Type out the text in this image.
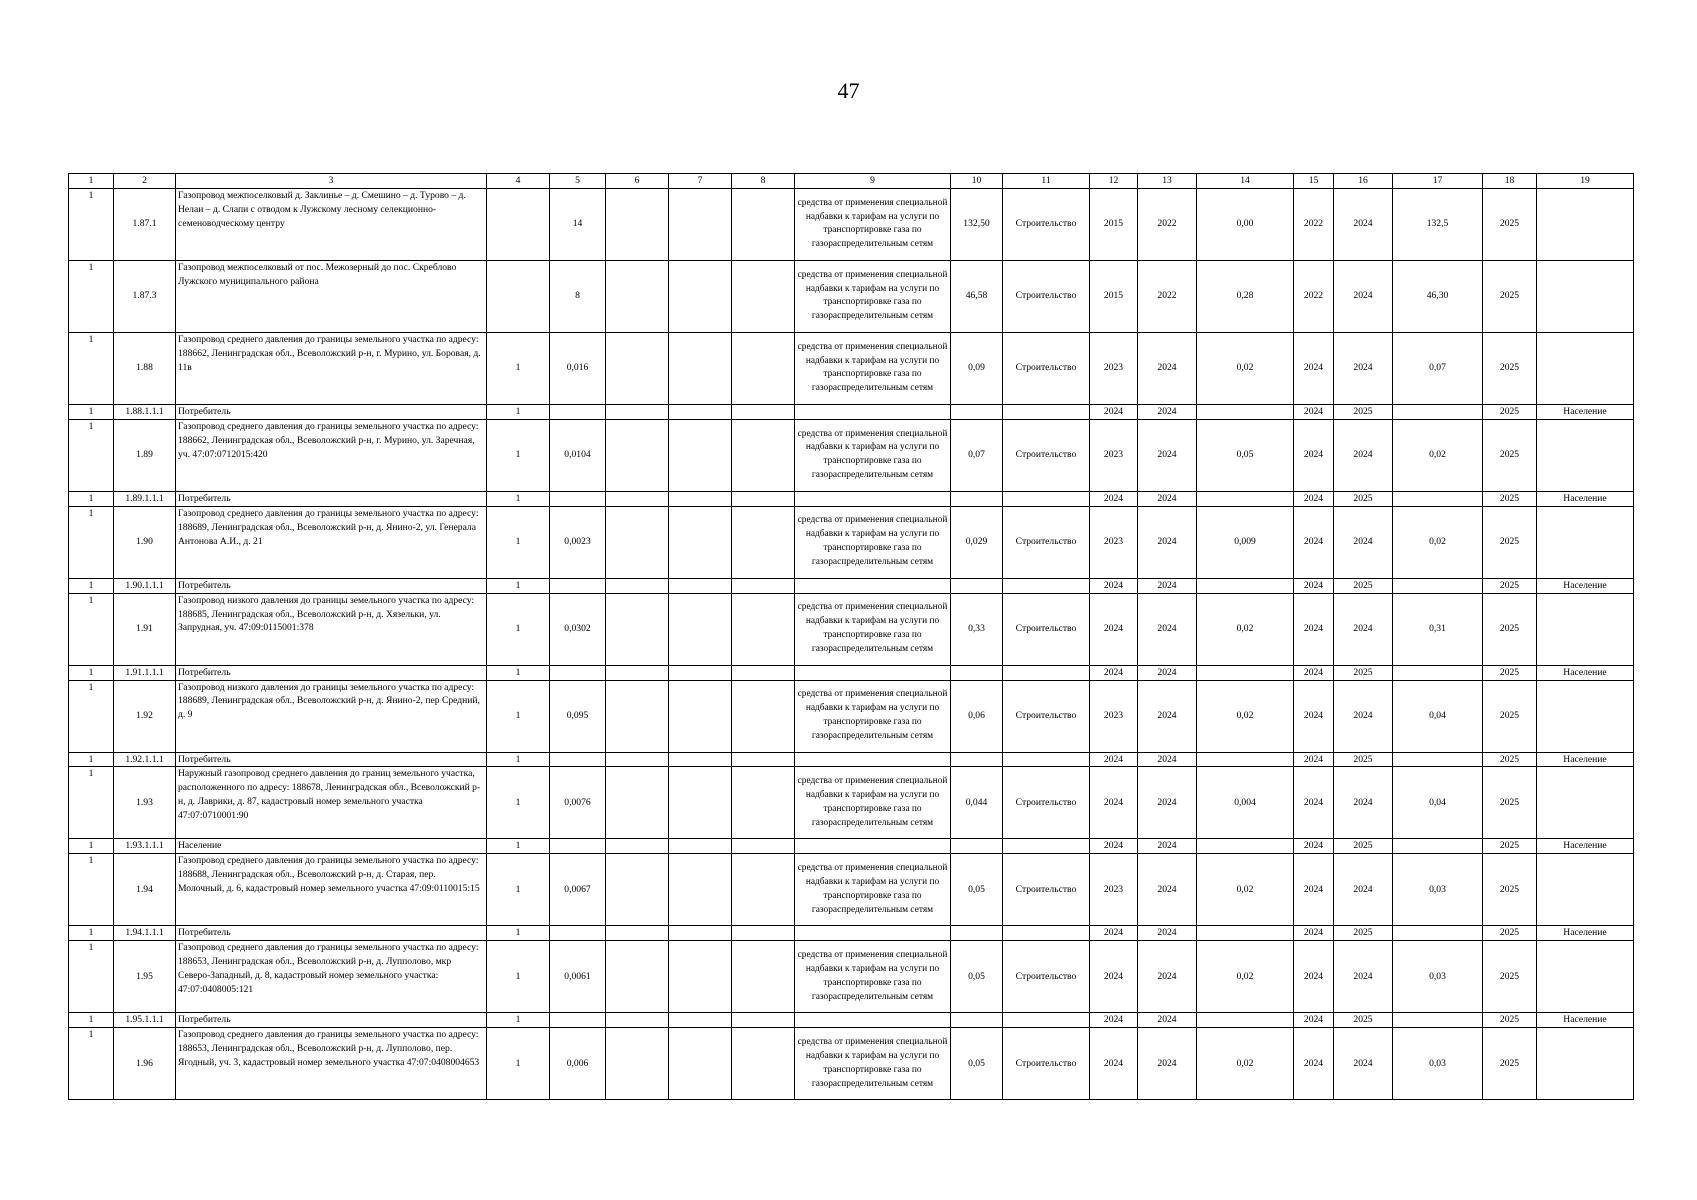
47
1	2	3	4	5	6	7	8	9	10	11	12	13	14	15	16	17	18	19
1	1.87.1	Газопровод межпоселковый д. Заклинье – д. Смешино – д. Турово – д. Нелаи – д. Слапи с отводом к Лужскому лесному селекционно-семеноводческому центру		14				средства от применения специальной надбавки к тарифам на услуги по транспортировке газа по газораспределительным сетям	132,50	Строительство	2015	2022	0,00	2022	2024	132,5	2025	
1	1.87.3	Газопровод межпоселковый от пос. Межозерный до пос. Скреблово Лужского муниципального района		8				средства от применения специальной надбавки к тарифам на услуги по транспортировке газа по газораспределительным сетям	46,58	Строительство	2015	2022	0,28	2022	2024	46,30	2025	
1	1.88	Газопровод среднего давления до границы земельного участка по адресу: 188662, Ленинградская обл., Всеволожский р-н, г. Мурино, ул. Боровая, д. 11в	1	0,016				средства от применения специальной надбавки к тарифам на услуги по транспортировке газа по газораспределительным сетям	0,09	Строительство	2023	2024	0,02	2024	2024	0,07	2025	
1	1.88.1.1.1	Потребитель	1								2024	2024		2024	2025		2025	Население
1	1.89	Газопровод среднего давления до границы земельного участка по адресу: 188662, Ленинградская обл., Всеволожский р-н, г. Мурино, ул. Заречная, уч. 47:07:0712015:420	1	0,0104				средства от применения специальной надбавки к тарифам на услуги по транспортировке газа по газораспределительным сетям	0,07	Строительство	2023	2024	0,05	2024	2024	0,02	2025	
1	1.89.1.1.1	Потребитель	1								2024	2024		2024	2025		2025	Население
1	1.90	Газопровод среднего давления до границы земельного участка по адресу: 188689, Ленинградская обл., Всеволожский р-н, д. Янино-2, ул. Генерала Антонова А.И., д. 21	1	0,0023				средства от применения специальной надбавки к тарифам на услуги по транспортировке газа по газораспределительным сетям	0,029	Строительство	2023	2024	0,009	2024	2024	0,02	2025	
1	1.90.1.1.1	Потребитель	1								2024	2024		2024	2025		2025	Население
1	1.91	Газопровод низкого давления до границы земельного участка по адресу: 188685, Ленинградская обл., Всеволожский р-н, д. Хязельки, ул. Запрудная, уч. 47:09:0115001:378	1	0,0302				средства от применения специальной надбавки к тарифам на услуги по транспортировке газа по газораспределительным сетям	0,33	Строительство	2024	2024	0,02	2024	2024	0,31	2025	
1	1.91.1.1.1	Потребитель	1								2024	2024		2024	2025		2025	Население
1	1.92	Газопровод низкого давления до границы земельного участка по адресу: 188689, Ленинградская обл., Всеволожский р-н, д. Янино-2, пер Средний, д. 9	1	0,095				средства от применения специальной надбавки к тарифам на услуги по транспортировке газа по газораспределительным сетям	0,06	Строительство	2023	2024	0,02	2024	2024	0,04	2025	
1	1.92.1.1.1	Потребитель	1								2024	2024		2024	2025		2025	Население
1	1.93	Наружный газопровод среднего давления до границ земельного участка, расположенного по адресу: 188678, Ленинградская обл., Всеволожский р-н, д. Лаврики, д. 87, кадастровый номер земельного участка 47:07:0710001:90	1	0,0076				средства от применения специальной надбавки к тарифам на услуги по транспортировке газа по газораспределительным сетям	0,044	Строительство	2024	2024	0,004	2024	2024	0,04	2025	
1	1.93.1.1.1	Население	1								2024	2024		2024	2025		2025	Население
1	1.94	Газопровод среднего давления до границы земельного участка по адресу: 188688, Ленинградская обл., Всеволожский р-н, д. Старая, пер. Молочный, д. 6, кадастровый номер земельного участка 47:09:0110015:15	1	0,0067				средства от применения специальной надбавки к тарифам на услуги по транспортировке газа по газораспределительным сетям	0,05	Строительство	2023	2024	0,02	2024	2024	0,03	2025	
1	1.94.1.1.1	Потребитель	1								2024	2024		2024	2025		2025	Население
1	1.95	Газопровод среднего давления до границы земельного участка по адресу: 188653, Ленинградская обл., Всеволожский р-н, д. Лупполово, мкр Северо-Западный, д. 8, кадастровый номер земельного участка: 47:07:0408005:121	1	0,0061				средства от применения специальной надбавки к тарифам на услуги по транспортировке газа по газораспределительным сетям	0,05	Строительство	2024	2024	0,02	2024	2024	0,03	2025	
1	1.95.1.1.1	Потребитель	1								2024	2024		2024	2025		2025	Население
1	1.96	Газопровод среднего давления до границы земельного участка по адресу: 188653, Ленинградская обл., Всеволожский р-н, д. Лупполово, пер. Ягодный, уч. 3, кадастровый номер земельного участка 47:07:0408004653	1	0,006				средства от применения специальной надбавки к тарифам на услуги по транспортировке газа по газораспределительным сетям	0,05	Строительство	2024	2024	0,02	2024	2024	0,03	2025	
